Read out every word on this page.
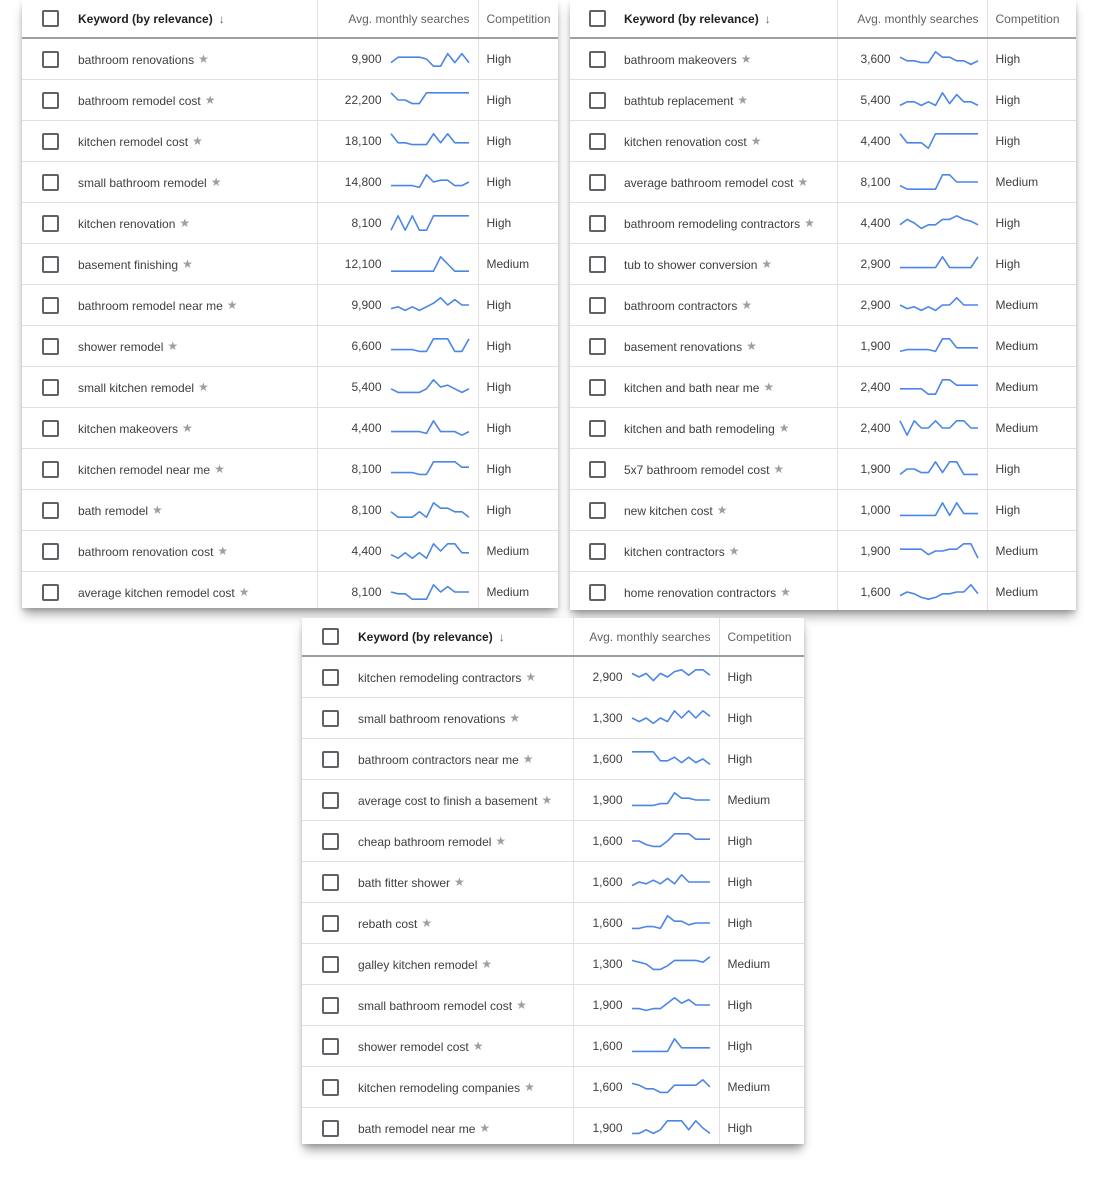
	Keyword (by relevance) ↓	Avg. monthly searches	Competition
	bathroom renovations ★	9,900	High
	bathroom remodel cost ★	22,200	High
	kitchen remodel cost ★	18,100	High
	small bathroom remodel ★	14,800	High
	kitchen renovation ★	8,100	High
	basement finishing ★	12,100	Medium
	bathroom remodel near me ★	9,900	High
	shower remodel ★	6,600	High
	small kitchen remodel ★	5,400	High
	kitchen makeovers ★	4,400	High
	kitchen remodel near me ★	8,100	High
	bath remodel ★	8,100	High
	bathroom renovation cost ★	4,400	Medium
	average kitchen remodel cost ★	8,100	Medium
	Keyword (by relevance) ↓	Avg. monthly searches	Competition
	bathroom makeovers ★	3,600	High
	bathtub replacement ★	5,400	High
	kitchen renovation cost ★	4,400	High
	average bathroom remodel cost ★	8,100	Medium
	bathroom remodeling contractors ★	4,400	High
	tub to shower conversion ★	2,900	High
	bathroom contractors ★	2,900	Medium
	basement renovations ★	1,900	Medium
	kitchen and bath near me ★	2,400	Medium
	kitchen and bath remodeling ★	2,400	Medium
	5x7 bathroom remodel cost ★	1,900	High
	new kitchen cost ★	1,000	High
	kitchen contractors ★	1,900	Medium
	home renovation contractors ★	1,600	Medium
	Keyword (by relevance) ↓	Avg. monthly searches	Competition
	kitchen remodeling contractors ★	2,900	High
	small bathroom renovations ★	1,300	High
	bathroom contractors near me ★	1,600	High
	average cost to finish a basement ★	1,900	Medium
	cheap bathroom remodel ★	1,600	High
	bath fitter shower ★	1,600	High
	rebath cost ★	1,600	High
	galley kitchen remodel ★	1,300	Medium
	small bathroom remodel cost ★	1,900	High
	shower remodel cost ★	1,600	High
	kitchen remodeling companies ★	1,600	Medium
	bath remodel near me ★	1,900	High
